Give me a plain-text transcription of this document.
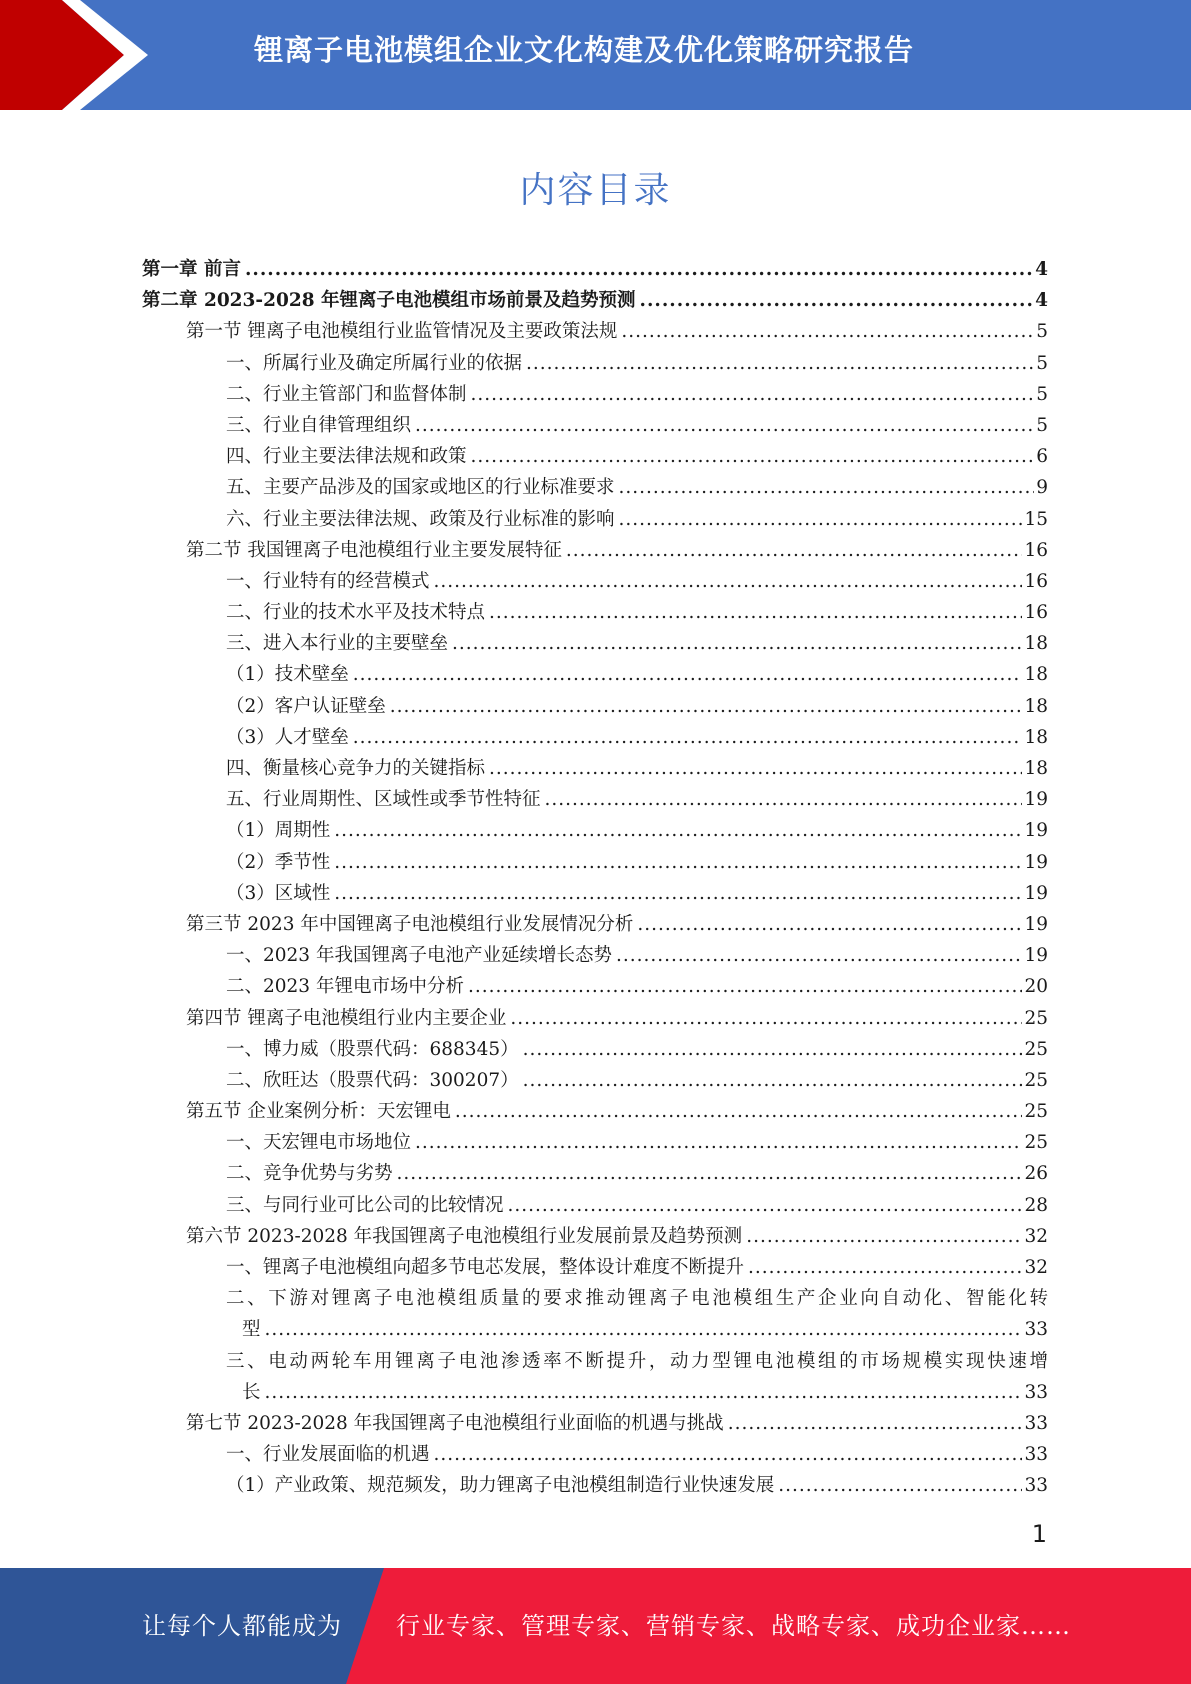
锂离子电池模组企业文化构建及优化策略研究报告
内容目录
第一章 前言 .....	4
第二章 2023-2028 年锂离子电池模组市场前景及趋势预测 .....	4
第一节 锂离子电池模组行业监管情况及主要政策法规 .....	5
一、所属行业及确定所属行业的依据 .....	5
二、行业主管部门和监督体制 .....	5
三、行业自律管理组织 .....	5
四、行业主要法律法规和政策 .....	6
五、主要产品涉及的国家或地区的行业标准要求 .....	9
六、行业主要法律法规、政策及行业标准的影响 .....	15
第二节 我国锂离子电池模组行业主要发展特征 .....	16
一、行业特有的经营模式 .....	16
二、行业的技术水平及技术特点 .....	16
三、进入本行业的主要壁垒 .....	18
（1）技术壁垒 .....	18
（2）客户认证壁垒 .....	18
（3）人才壁垒 .....	18
四、衡量核心竞争力的关键指标 .....	18
五、行业周期性、区域性或季节性特征 .....	19
（1）周期性 .....	19
（2）季节性 .....	19
（3）区域性 .....	19
第三节 2023 年中国锂离子电池模组行业发展情况分析 .....	19
一、2023 年我国锂离子电池产业延续增长态势 .....	19
二、2023 年锂电市场中分析 .....	20
第四节 锂离子电池模组行业内主要企业 .....	25
一、博力威（股票代码：688345） .....	25
二、欣旺达（股票代码：300207） .....	25
第五节 企业案例分析：天宏锂电 .....	25
一、天宏锂电市场地位 .....	25
二、竞争优势与劣势 .....	26
三、与同行业可比公司的比较情况 .....	28
第六节 2023-2028 年我国锂离子电池模组行业发展前景及趋势预测 .....	32
一、锂离子电池模组向超多节电芯发展，整体设计难度不断提升 .....	32
二、下游对锂离子电池模组质量的要求推动锂离子电池模组生产企业向自动化、智能化转
型 .....	33
三、电动两轮车用锂离子电池渗透率不断提升，动力型锂电池模组的市场规模实现快速增
长 .....	33
第七节 2023-2028 年我国锂离子电池模组行业面临的机遇与挑战 .....	33
一、行业发展面临的机遇 .....	33
（1）产业政策、规范频发，助力锂离子电池模组制造行业快速发展 .....	33
1
让每个人都能成为 行业专家、管理专家、营销专家、战略专家、成功企业家……
